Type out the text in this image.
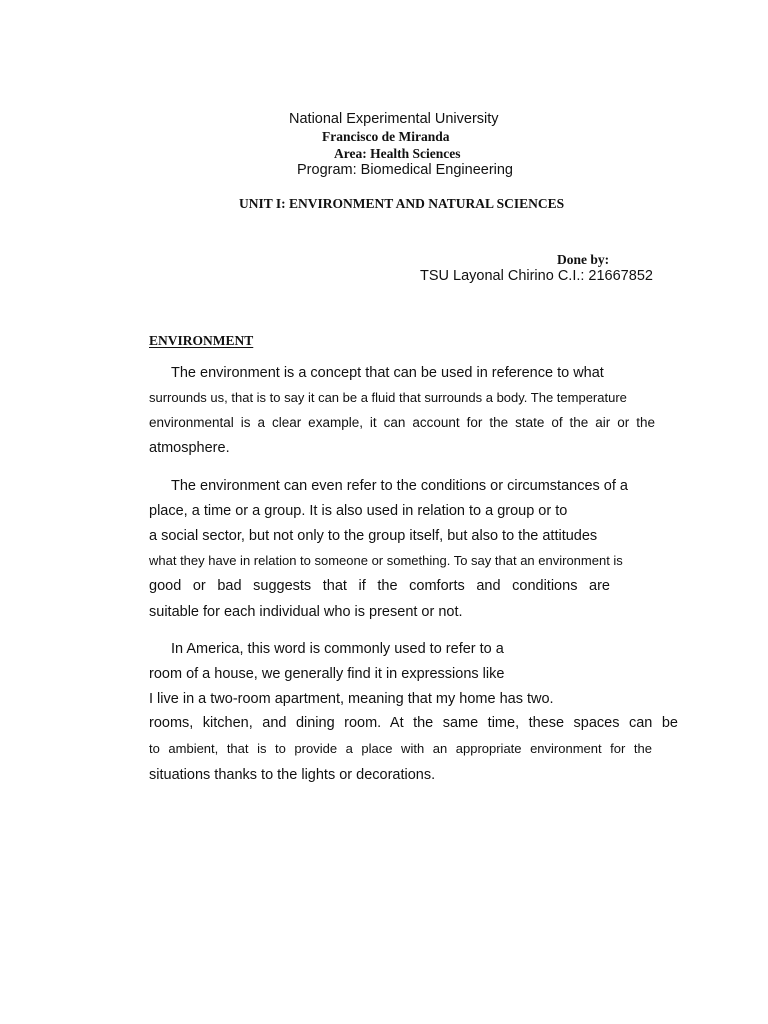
National Experimental University
Francisco de Miranda
Area: Health Sciences
Program: Biomedical Engineering
UNIT I: ENVIRONMENT AND NATURAL SCIENCES
Done by:
TSU Layonal Chirino C.I.: 21667852
ENVIRONMENT
The environment is a concept that can be used in reference to what
surrounds us, that is to say it can be a fluid that surrounds a body. The temperature
environmental is a clear example, it can account for the state of the air or the
atmosphere.
The environment can even refer to the conditions or circumstances of a
place, a time or a group. It is also used in relation to a group or to
a social sector, but not only to the group itself, but also to the attitudes
what they have in relation to someone or something. To say that an environment is
good or bad suggests that if the comforts and conditions are
suitable for each individual who is present or not.
In America, this word is commonly used to refer to a
room of a house, we generally find it in expressions like
I live in a two-room apartment, meaning that my home has two.
rooms, kitchen, and dining room. At the same time, these spaces can be
to ambient, that is to provide a place with an appropriate environment for the
situations thanks to the lights or decorations.
